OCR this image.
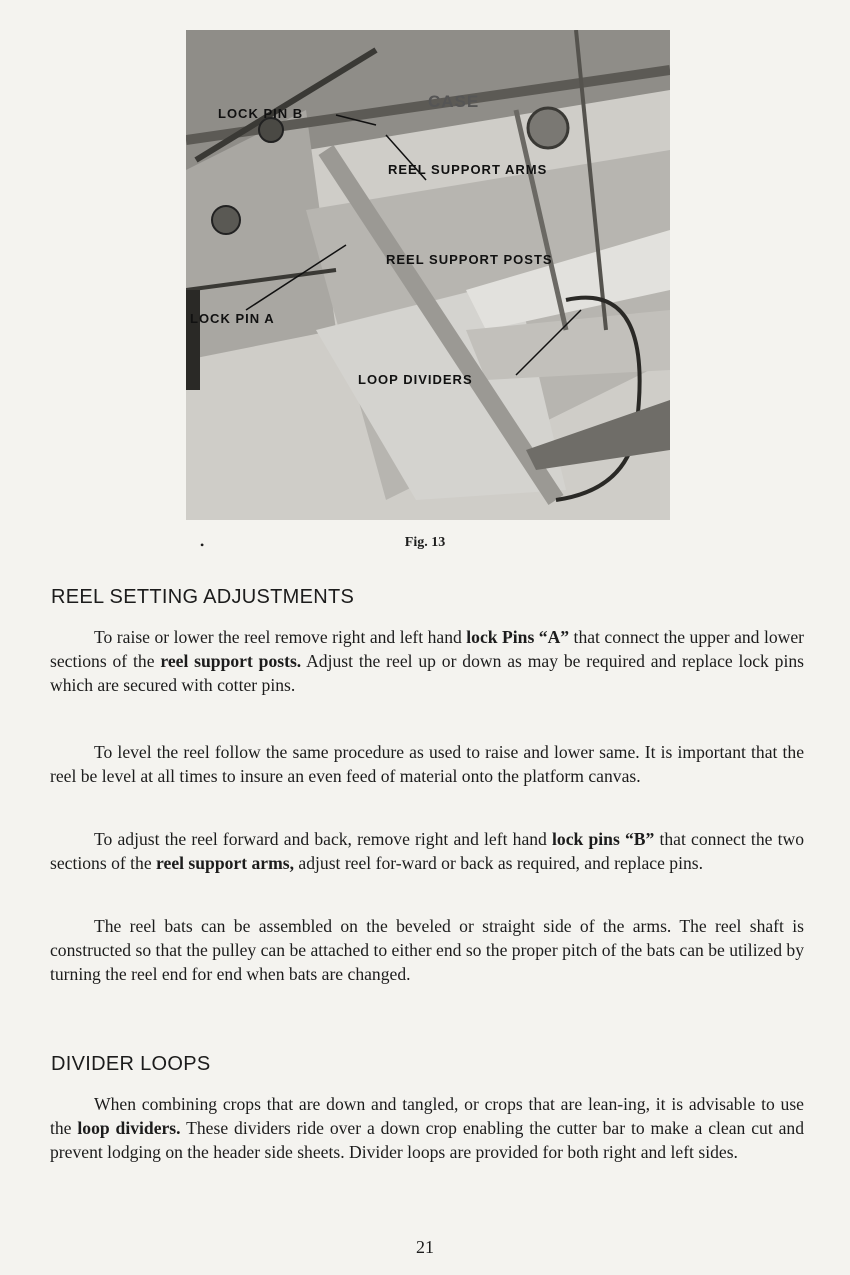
LOCK PIN B
CASE
REEL SUPPORT ARMS
REEL SUPPORT POSTS
LOCK PIN A
LOOP DIVIDERS
•	Fig. 13
REEL SETTING ADJUSTMENTS

To raise or lower the reel remove right and left hand lock Pins “A” that connect the upper and lower sections of the reel support posts. Adjust the reel up or down as may be required and replace lock pins which are secured with cotter pins.

To level the reel follow the same procedure as used to raise and lower same. It is important that the reel be level at all times to insure an even feed of material onto the platform canvas.

To adjust the reel forward and back, remove right and left hand lock pins “B” that connect the two sections of the reel support arms, adjust reel for-ward or back as required, and replace pins.

The reel bats can be assembled on the beveled or straight side of the arms. The reel shaft is constructed so that the pulley can be attached to either end so the proper pitch of the bats can be utilized by turning the reel end for end when bats are changed.

DIVIDER LOOPS

When combining crops that are down and tangled, or crops that are lean-ing, it is advisable to use the loop dividers. These dividers ride over a down crop enabling the cutter bar to make a clean cut and prevent lodging on the header side sheets. Divider loops are provided for both right and left sides.

21
